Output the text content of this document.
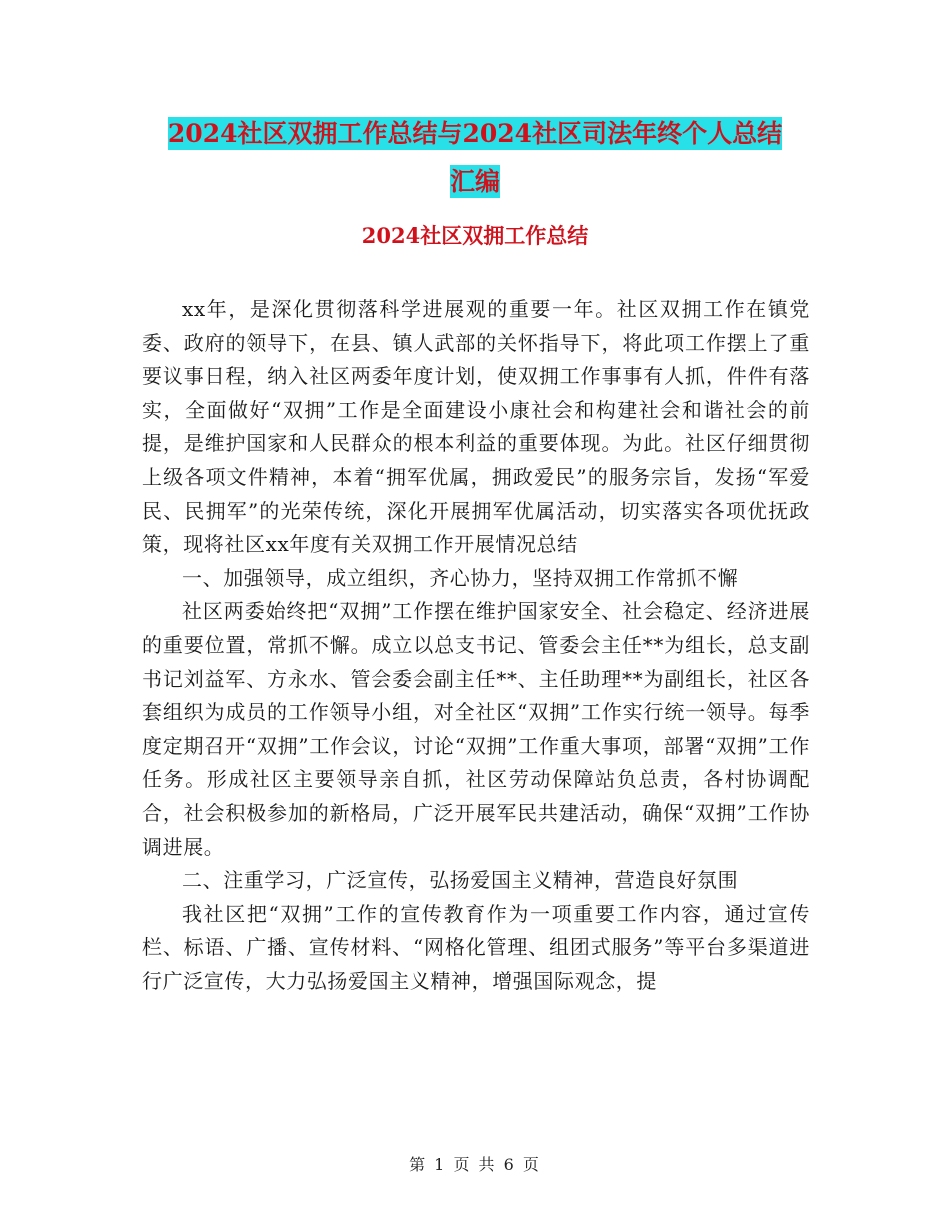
2024社区双拥工作总结与2024社区司法年终个人总结
汇编
2024社区双拥工作总结

xx年，是深化贯彻落科学进展观的重要一年。社区双拥工作在镇党委、政府的领导下，在县、镇人武部的关怀指导下，将此项工作摆上了重要议事日程，纳入社区两委年度计划，使双拥工作事事有人抓，件件有落实，全面做好“双拥”工作是全面建设小康社会和构建社会和谐社会的前提，是维护国家和人民群众的根本利益的重要体现。为此。社区仔细贯彻上级各项文件精神，本着“拥军优属，拥政爱民”的服务宗旨，发扬“军爱民、民拥军”的光荣传统，深化开展拥军优属活动，切实落实各项优抚政策，现将社区xx年度有关双拥工作开展情况总结

一、加强领导，成立组织，齐心协力，坚持双拥工作常抓不懈

社区两委始终把“双拥”工作摆在维护国家安全、社会稳定、经济进展的重要位置，常抓不懈。成立以总支书记、管委会主任**为组长，总支副书记刘益军、方永水、管会委会副主任**、主任助理**为副组长，社区各套组织为成员的工作领导小组，对全社区“双拥”工作实行统一领导。每季度定期召开“双拥”工作会议，讨论“双拥”工作重大事项，部署“双拥”工作任务。形成社区主要领导亲自抓，社区劳动保障站负总责，各村协调配合，社会积极参加的新格局，广泛开展军民共建活动，确保“双拥”工作协调进展。

二、注重学习，广泛宣传，弘扬爱国主义精神，营造良好氛围

我社区把“双拥”工作的宣传教育作为一项重要工作内容，通过宣传栏、标语、广播、宣传材料、“网格化管理、组团式服务”等平台多渠道进行广泛宣传，大力弘扬爱国主义精神，增强国际观念，提

第 1 页 共 6 页
